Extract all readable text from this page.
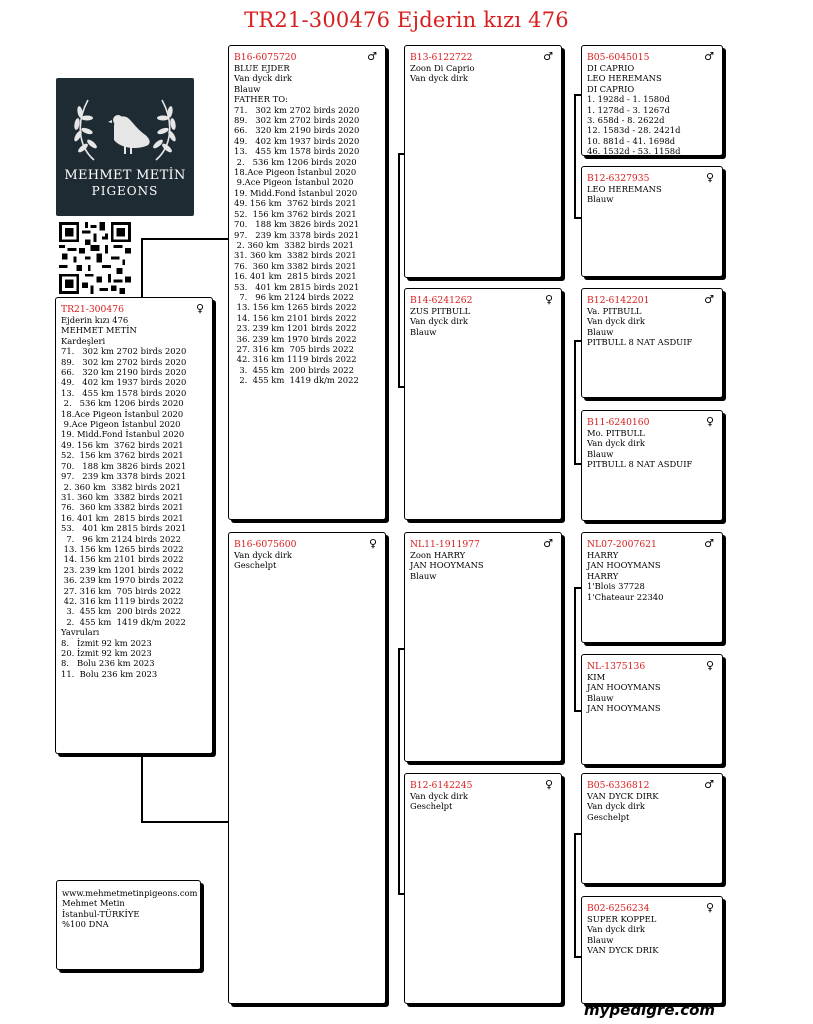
TR21-300476 Ejderin kızı 476
MEHMET METİN
PIGEONS
TR21-300476	♀
Ejderin kızı 476
MEHMET METİN
Kardeşleri
71.   302 km 2702 birds 2020
89.   302 km 2702 birds 2020
66.   320 km 2190 birds 2020
49.   402 km 1937 birds 2020
13.   455 km 1578 birds 2020
2.   536 km 1206 birds 2020
18.Ace Pigeon İstanbul 2020
9.Ace Pigeon İstanbul 2020
19. Midd.Fond İstanbul 2020
49. 156 km  3762 birds 2021
52.  156 km 3762 birds 2021
70.   188 km 3826 birds 2021
97.   239 km 3378 birds 2021
2. 360 km  3382 birds 2021
31. 360 km  3382 birds 2021
76.  360 km 3382 birds 2021
16. 401 km  2815 birds 2021
53.   401 km 2815 birds 2021
7.   96 km 2124 birds 2022
13. 156 km 1265 birds 2022
14. 156 km 2101 birds 2022
23. 239 km 1201 birds 2022
36. 239 km 1970 birds 2022
27. 316 km  705 birds 2022
42. 316 km 1119 birds 2022
3.  455 km  200 birds 2022
2.  455 km  1419 dk/m 2022
Yavruları
8.   İzmit 92 km 2023
20. İzmit 92 km 2023
8.   Bolu 236 km 2023
11.  Bolu 236 km 2023
www.mehmetmetinpigeons.com
Mehmet Metin
İstanbul-TÜRKİYE
%100 DNA
B16-6075720	♂
BLUE EJDER
Van dyck dirk
Blauw
FATHER TO:
71.   302 km 2702 birds 2020
89.   302 km 2702 birds 2020
66.   320 km 2190 birds 2020
49.   402 km 1937 birds 2020
13.   455 km 1578 birds 2020
2.   536 km 1206 birds 2020
18.Ace Pigeon İstanbul 2020
9.Ace Pigeon İstanbul 2020
19. Midd.Fond İstanbul 2020
49. 156 km  3762 birds 2021
52.  156 km 3762 birds 2021
70.   188 km 3826 birds 2021
97.   239 km 3378 birds 2021
2. 360 km  3382 birds 2021
31. 360 km  3382 birds 2021
76.  360 km 3382 birds 2021
16. 401 km  2815 birds 2021
53.   401 km 2815 birds 2021
7.   96 km 2124 birds 2022
13. 156 km 1265 birds 2022
14. 156 km 2101 birds 2022
23. 239 km 1201 birds 2022
36. 239 km 1970 birds 2022
27. 316 km  705 birds 2022
42. 316 km 1119 birds 2022
3.  455 km  200 birds 2022
2.  455 km  1419 dk/m 2022
B16-6075600	♀
Van dyck dirk
Geschelpt
B13-6122722	♂
Zoon Di Caprio
Van dyck dirk
B14-6241262	♀
ZUS PITBULL
Van dyck dirk
Blauw
NL11-1911977	♂
Zoon HARRY
JAN HOOYMANS
Blauw
B12-6142245	♀
Van dyck dirk
Geschelpt
B05-6045015	♂
DI CAPRIO
LEO HEREMANS
DI CAPRIO
1. 1928d - 1. 1580d
1. 1278d - 3. 1267d
3. 658d - 8. 2622d
12. 1583d - 28. 2421d
10. 881d - 41. 1698d
46. 1532d - 53. 1158d
B12-6327935	♀
LEO HEREMANS
Blauw
B12-6142201	♂
Va. PITBULL
Van dyck dirk
Blauw
PITBULL 8 NAT ASDUIF
B11-6240160	♀
Mo. PITBULL
Van dyck dirk
Blauw
PITBULL 8 NAT ASDUIF
NL07-2007621	♂
HARRY
JAN HOOYMANS
HARRY
1'Blois 37728
1'Chateaur 22340
NL-1375136	♀
KIM
JAN HOOYMANS
Blauw
JAN HOOYMANS
B05-6336812	♂
VAN DYCK DIRK
Van dyck dirk
Geschelpt
B02-6256234	♀
SUPER KOPPEL
Van dyck dirk
Blauw
VAN DYCK DRIK
mypedigre.com
